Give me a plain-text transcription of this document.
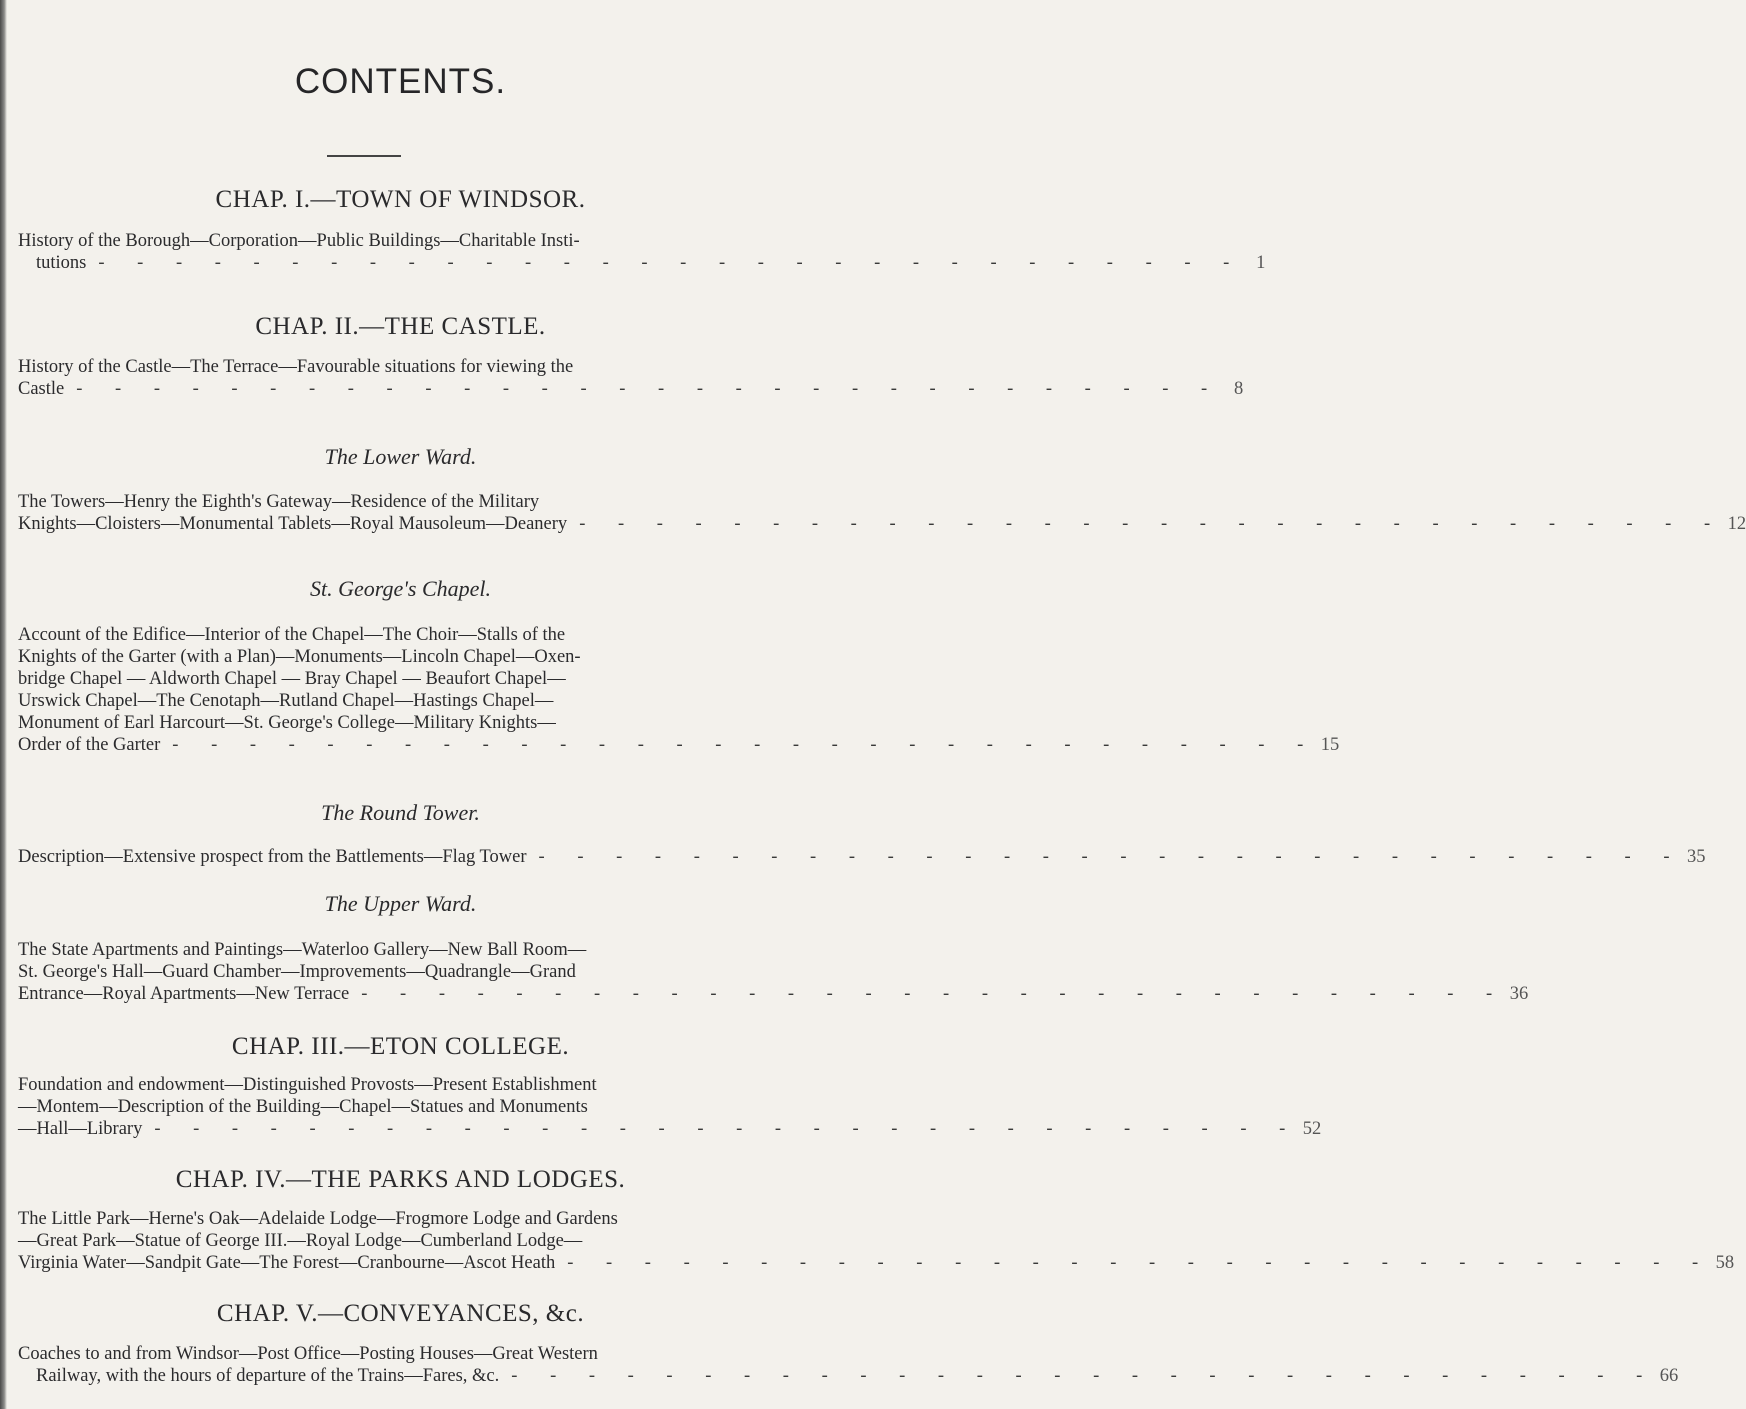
CONTENTS.
CHAP. I.—TOWN OF WINDSOR.
History of the Borough—Corporation—Public Buildings—Charitable Insti-
tutions - - - - - - - - - - - - - - - - - - - - - - - - - - - - - - 1
CHAP. II.—THE CASTLE.
History of the Castle—The Terrace—Favourable situations for viewing the
Castle - - - - - - - - - - - - - - - - - - - - - - - - - - - - - - 8
The Lower Ward.
The Towers—Henry the Eighth's Gateway—Residence of the Military
Knights—Cloisters—Monumental Tablets—Royal Mausoleum—Deanery - - - - - - - - - - - - - - - - - - - - - - - - - - - - - - 12
St. George's Chapel.
Account of the Edifice—Interior of the Chapel—The Choir—Stalls of the
Knights of the Garter (with a Plan)—Monuments—Lincoln Chapel—Oxen-
bridge Chapel — Aldworth Chapel — Bray Chapel — Beaufort Chapel—
Urswick Chapel—The Cenotaph—Rutland Chapel—Hastings Chapel—
Monument of Earl Harcourt—St. George's College—Military Knights—
Order of the Garter - - - - - - - - - - - - - - - - - - - - - - - - - - - - - - 15
The Round Tower.
Description—Extensive prospect from the Battlements—Flag Tower - - - - - - - - - - - - - - - - - - - - - - - - - - - - - - 35
The Upper Ward.
The State Apartments and Paintings—Waterloo Gallery—New Ball Room—
St. George's Hall—Guard Chamber—Improvements—Quadrangle—Grand
Entrance—Royal Apartments—New Terrace - - - - - - - - - - - - - - - - - - - - - - - - - - - - - - 36
CHAP. III.—ETON COLLEGE.
Foundation and endowment—Distinguished Provosts—Present Establishment
—Montem—Description of the Building—Chapel—Statues and Monuments
—Hall—Library - - - - - - - - - - - - - - - - - - - - - - - - - - - - - - 52
CHAP. IV.—THE PARKS AND LODGES.
The Little Park—Herne's Oak—Adelaide Lodge—Frogmore Lodge and Gardens
—Great Park—Statue of George III.—Royal Lodge—Cumberland Lodge—
Virginia Water—Sandpit Gate—The Forest—Cranbourne—Ascot Heath - - - - - - - - - - - - - - - - - - - - - - - - - - - - - - 58
CHAP. V.—CONVEYANCES, &c.
Coaches to and from Windsor—Post Office—Posting Houses—Great Western
Railway, with the hours of departure of the Trains—Fares, &c. - - - - - - - - - - - - - - - - - - - - - - - - - - - - - - 66
